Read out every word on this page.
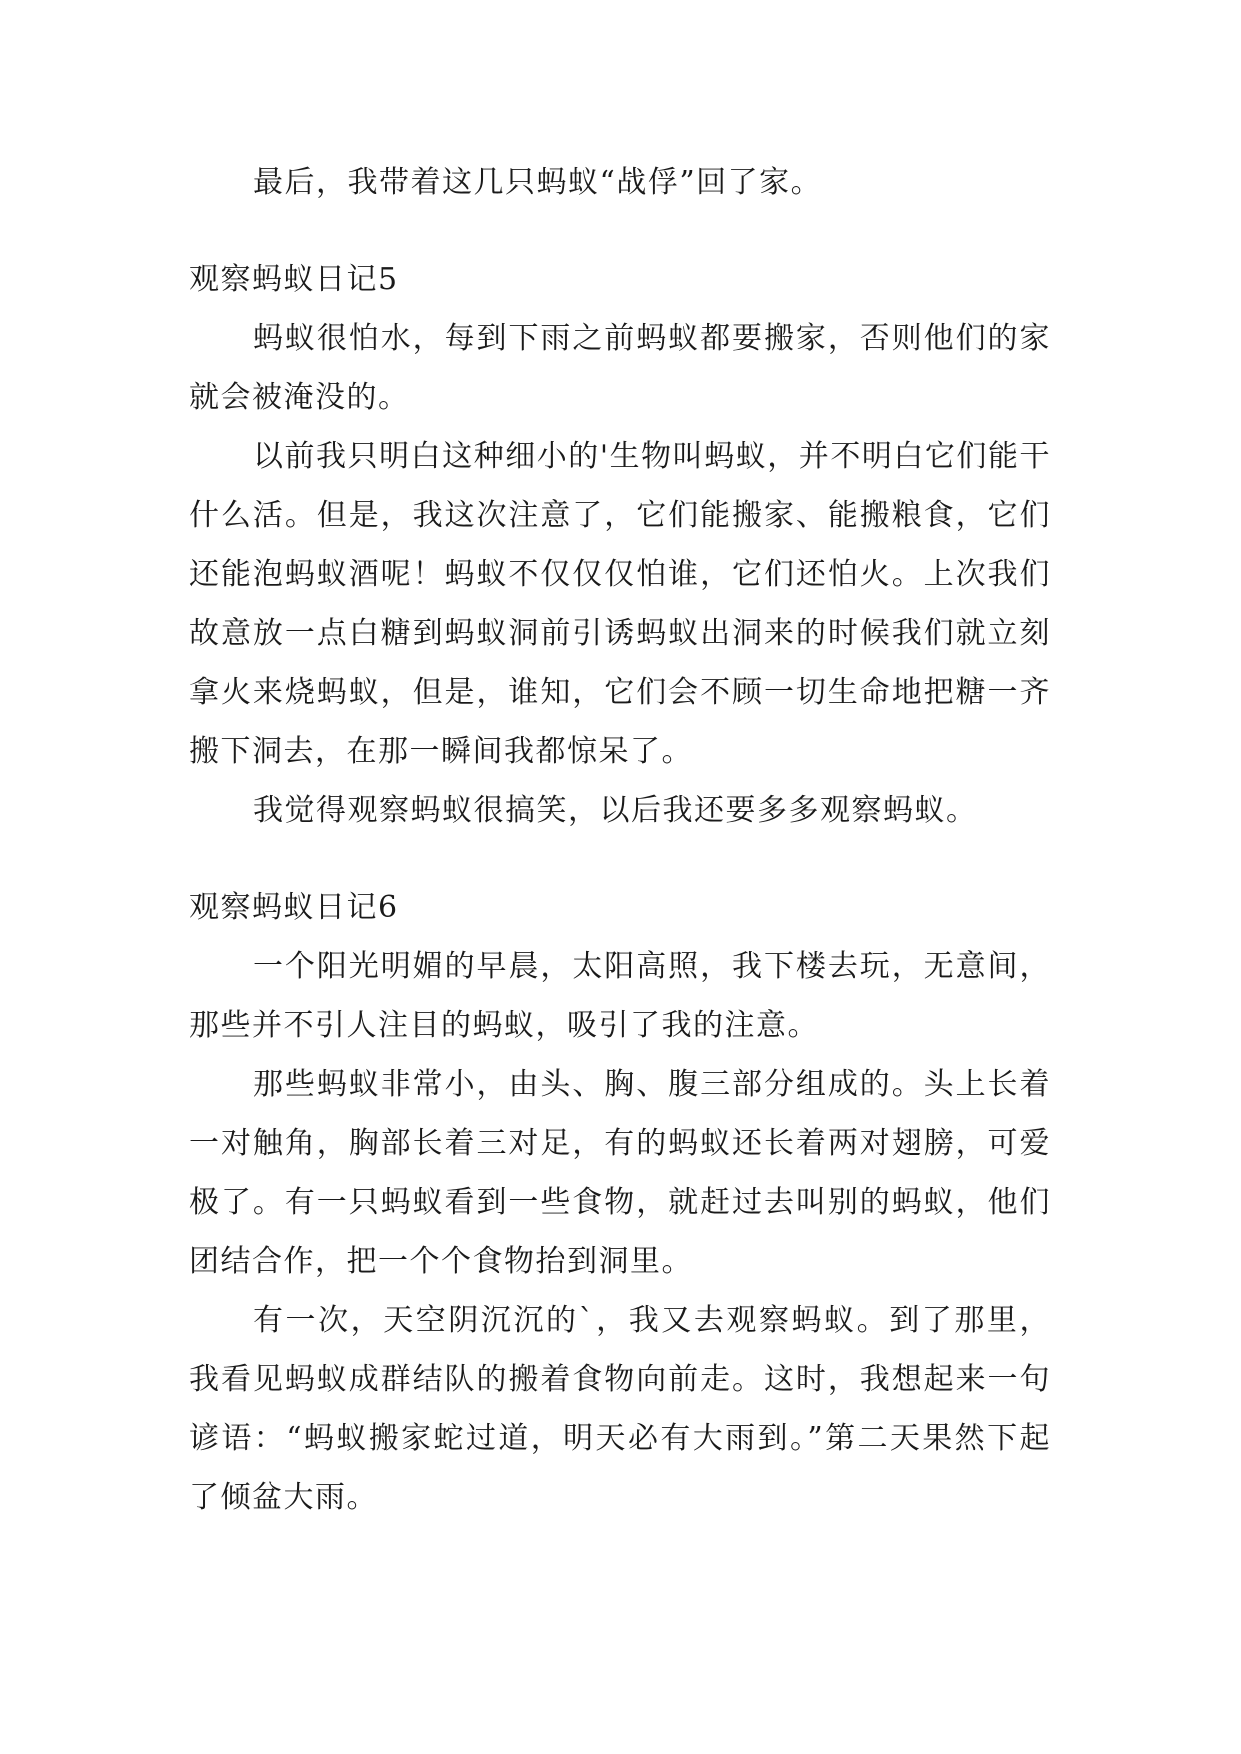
最后，我带着这几只蚂蚁“战俘”回了家。

观察蚂蚁日记5

蚂蚁很怕水，每到下雨之前蚂蚁都要搬家，否则他们的家就会被淹没的。

以前我只明白这种细小的'生物叫蚂蚁，并不明白它们能干什么活。但是，我这次注意了，它们能搬家、能搬粮食，它们还能泡蚂蚁酒呢！蚂蚁不仅仅仅怕谁，它们还怕火。上次我们故意放一点白糖到蚂蚁洞前引诱蚂蚁出洞来的时候我们就立刻拿火来烧蚂蚁，但是，谁知，它们会不顾一切生命地把糖一齐搬下洞去，在那一瞬间我都惊呆了。

我觉得观察蚂蚁很搞笑，以后我还要多多观察蚂蚁。

观察蚂蚁日记6

一个阳光明媚的早晨，太阳高照，我下楼去玩，无意间，那些并不引人注目的蚂蚁，吸引了我的注意。

那些蚂蚁非常小，由头、胸、腹三部分组成的。头上长着一对触角，胸部长着三对足，有的蚂蚁还长着两对翅膀，可爱极了。有一只蚂蚁看到一些食物，就赶过去叫别的蚂蚁，他们团结合作，把一个个食物抬到洞里。

有一次，天空阴沉沉的`，我又去观察蚂蚁。到了那里，我看见蚂蚁成群结队的搬着食物向前走。这时，我想起来一句谚语：“蚂蚁搬家蛇过道，明天必有大雨到。”第二天果然下起了倾盆大雨。
